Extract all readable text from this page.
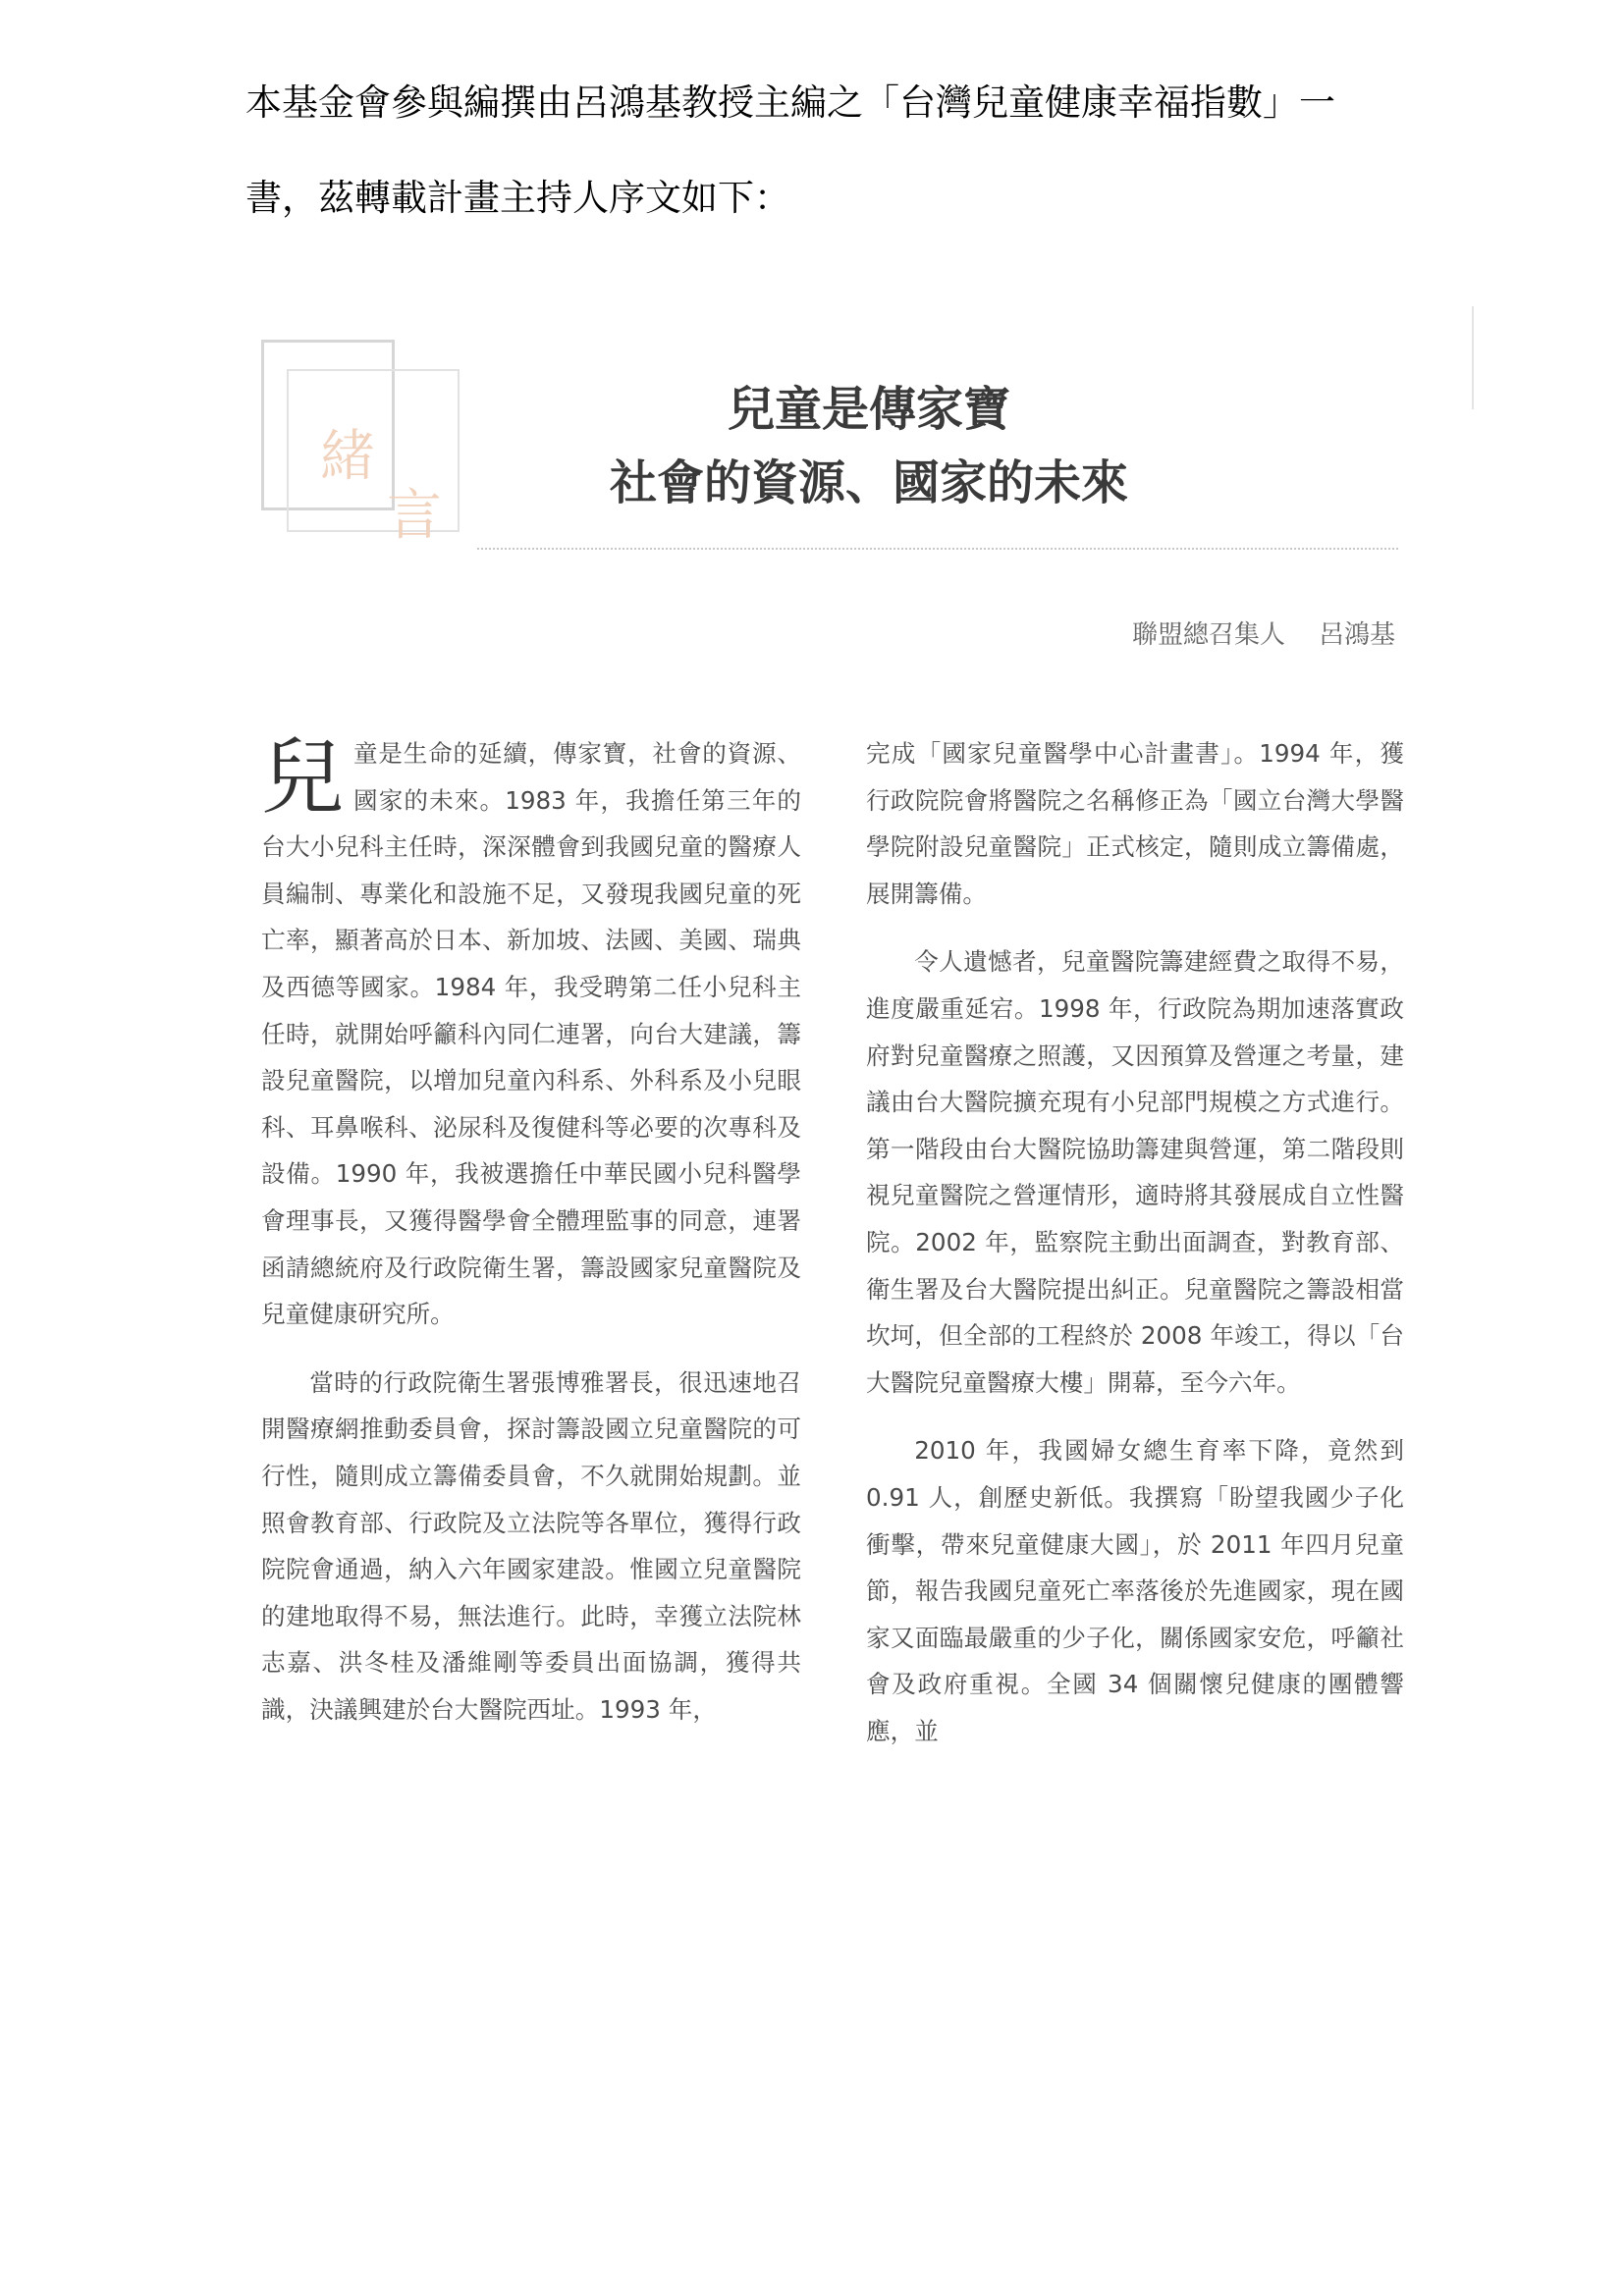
本基金會參與編撰由呂鴻基教授主編之「台灣兒童健康幸福指數」一
書，茲轉載計畫主持人序文如下：
緒
言
兒童是傳家寶
社會的資源、國家的未來
聯盟總召集人 呂鴻基

兒童是生命的延續，傳家寶，社會的資源、國家的未來。1983 年，我擔任第三年的台大小兒科主任時，深深體會到我國兒童的醫療人員編制、專業化和設施不足，又發現我國兒童的死亡率，顯著高於日本、新加坡、法國、美國、瑞典及西德等國家。1984 年，我受聘第二任小兒科主任時，就開始呼籲科內同仁連署，向台大建議，籌設兒童醫院，以增加兒童內科系、外科系及小兒眼科、耳鼻喉科、泌尿科及復健科等必要的次專科及設備。1990 年，我被選擔任中華民國小兒科醫學會理事長，又獲得醫學會全體理監事的同意，連署函請總統府及行政院衛生署，籌設國家兒童醫院及兒童健康研究所。

當時的行政院衛生署張博雅署長，很迅速地召開醫療網推動委員會，探討籌設國立兒童醫院的可行性，隨則成立籌備委員會，不久就開始規劃。並照會教育部、行政院及立法院等各單位，獲得行政院院會通過，納入六年國家建設。惟國立兒童醫院的建地取得不易，無法進行。此時，幸獲立法院林志嘉、洪冬桂及潘維剛等委員出面協調，獲得共識，決議興建於台大醫院西址。1993 年，

完成「國家兒童醫學中心計畫書」。1994 年，獲行政院院會將醫院之名稱修正為「國立台灣大學醫學院附設兒童醫院」正式核定，隨則成立籌備處，展開籌備。

令人遺憾者，兒童醫院籌建經費之取得不易，進度嚴重延宕。1998 年，行政院為期加速落實政府對兒童醫療之照護，又因預算及營運之考量，建議由台大醫院擴充現有小兒部門規模之方式進行。第一階段由台大醫院協助籌建與營運，第二階段則視兒童醫院之營運情形，適時將其發展成自立性醫院。2002 年，監察院主動出面調查，對教育部、衛生署及台大醫院提出糾正。兒童醫院之籌設相當坎坷，但全部的工程終於 2008 年竣工，得以「台大醫院兒童醫療大樓」開幕，至今六年。

2010 年，我國婦女總生育率下降，竟然到 0.91 人，創歷史新低。我撰寫「盼望我國少子化衝擊，帶來兒童健康大國」，於 2011 年四月兒童節，報告我國兒童死亡率落後於先進國家，現在國家又面臨最嚴重的少子化，關係國家安危，呼籲社會及政府重視。全國 34 個關懷兒健康的團體響應，並
